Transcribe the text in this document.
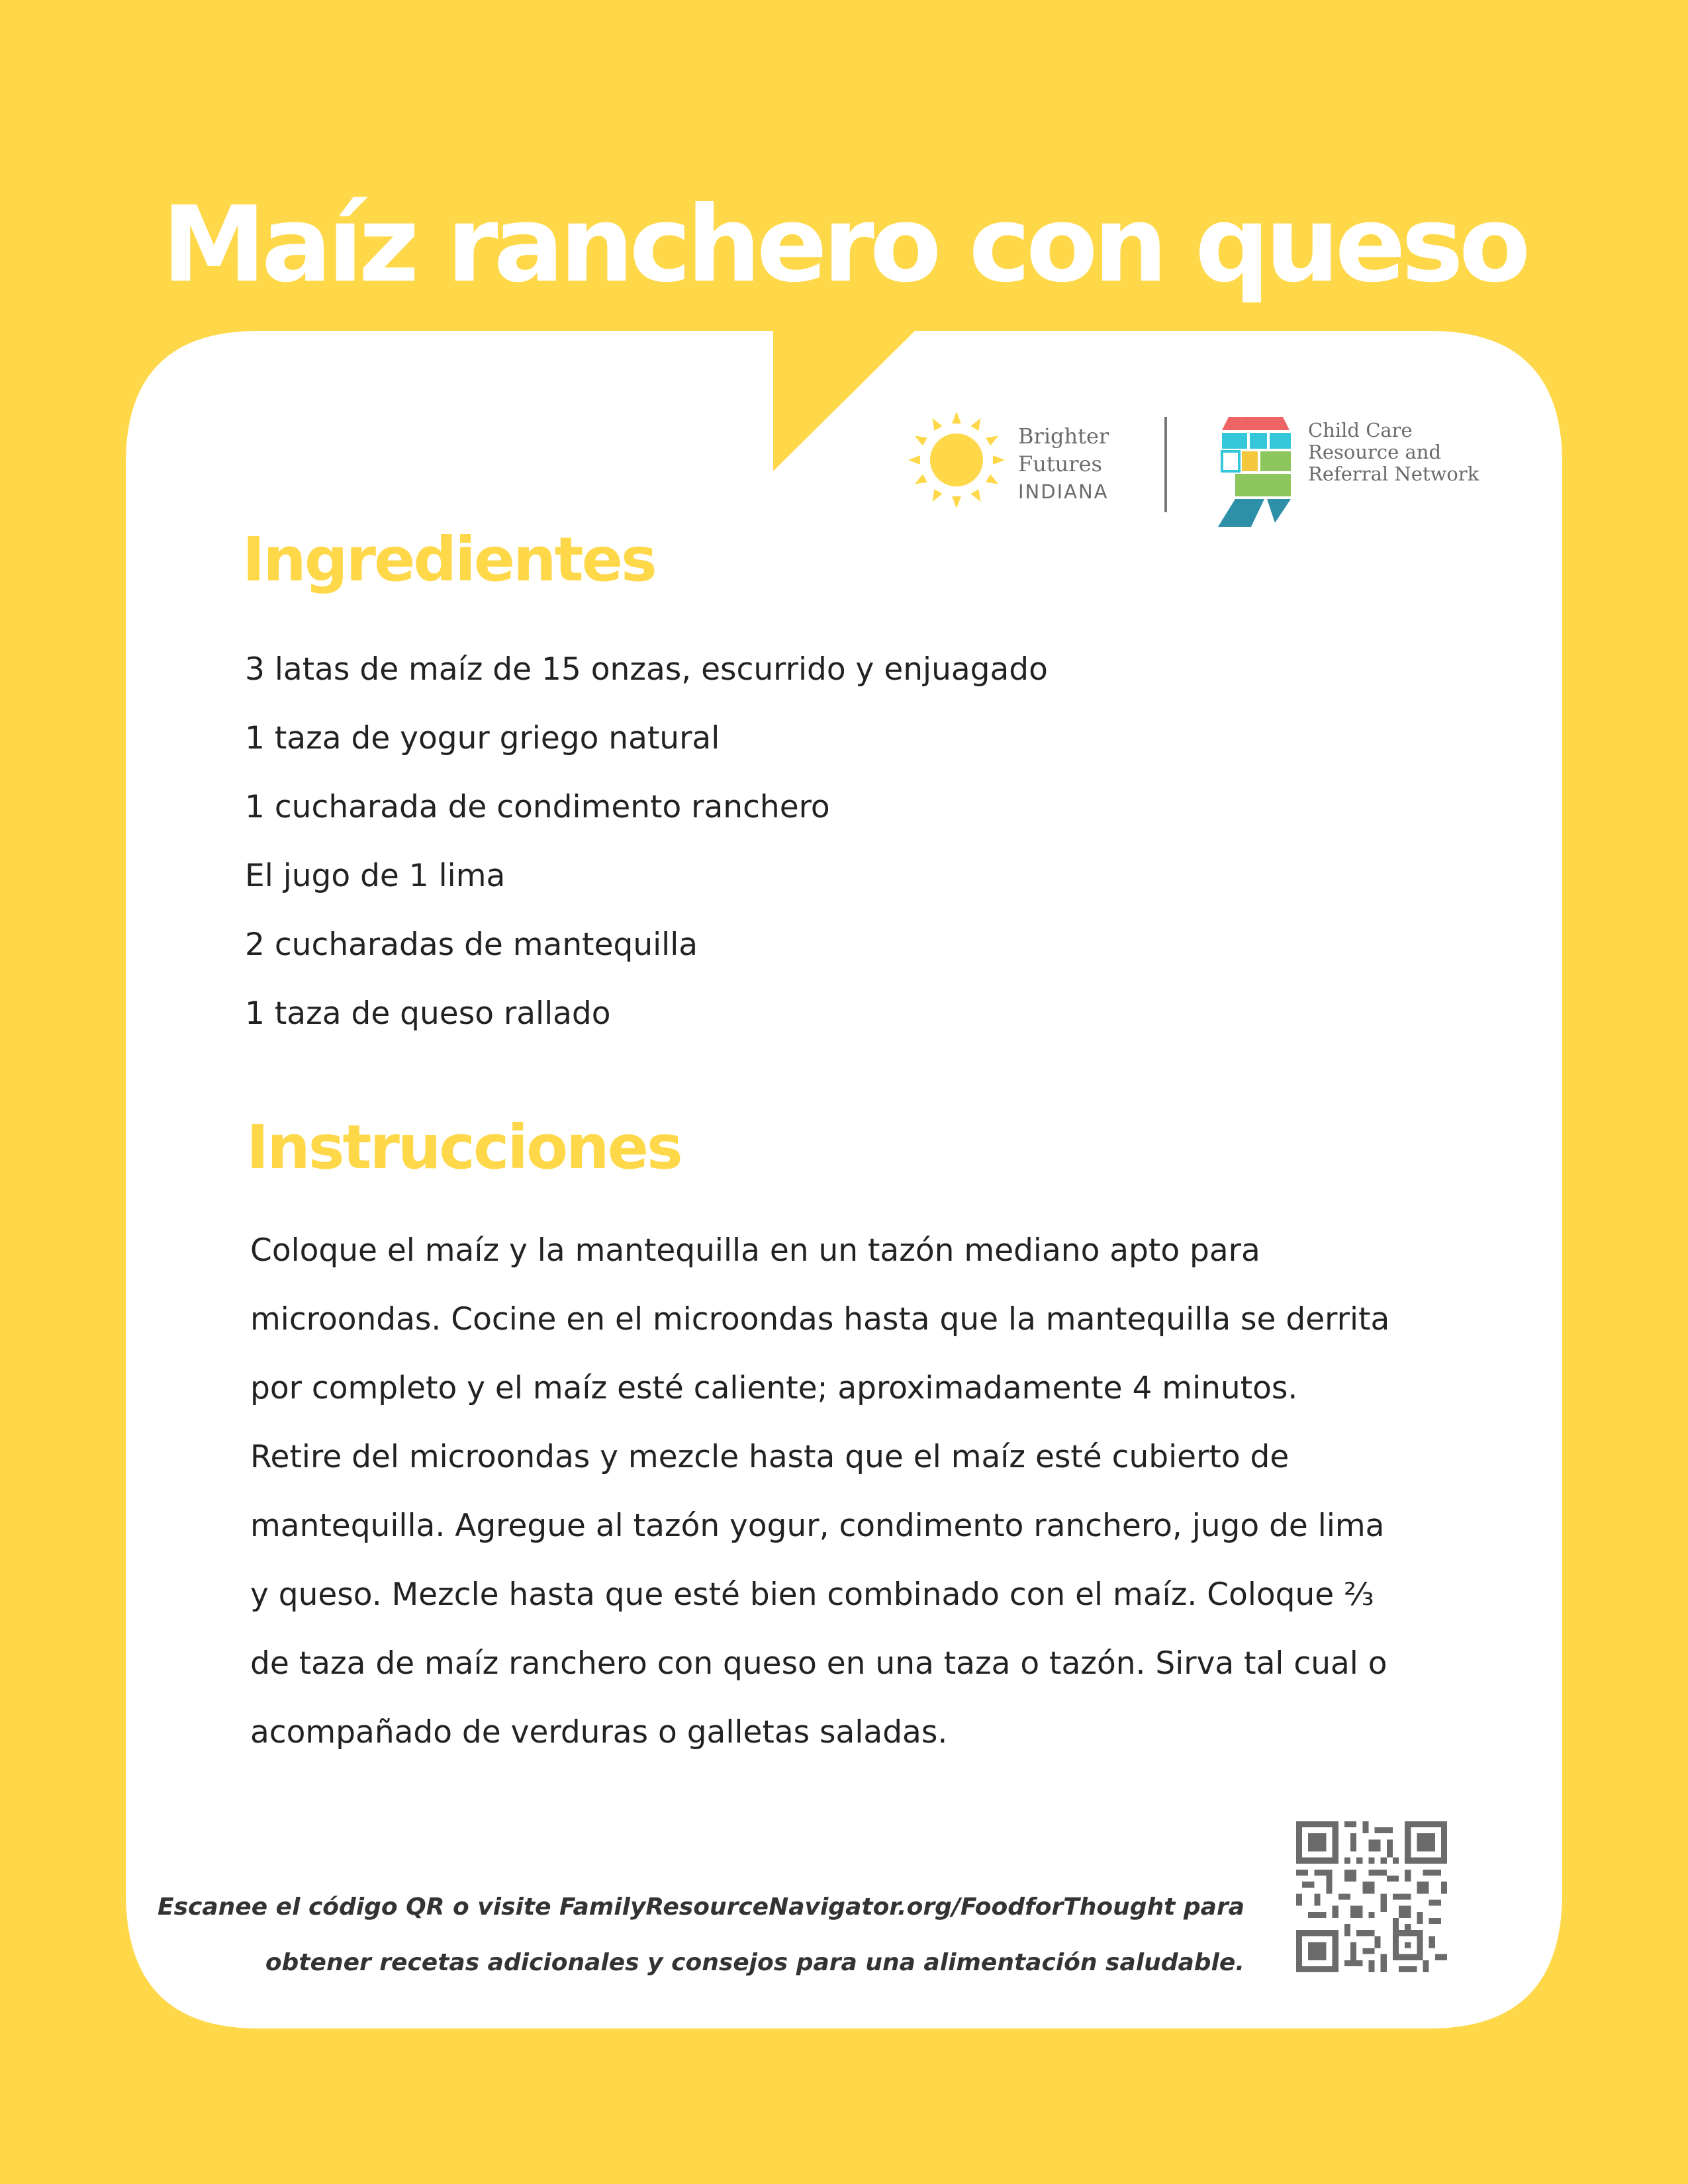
Maíz ranchero con queso
Brighter
Futures
INDIANA
Child Care
Resource and
Referral Network
Ingredientes
3 latas de maíz de 15 onzas, escurrido y enjuagado
1 taza de yogur griego natural
1 cucharada de condimento ranchero
El jugo de 1 lima
2 cucharadas de mantequilla
1 taza de queso rallado
Instrucciones
Coloque el maíz y la mantequilla en un tazón mediano apto para
microondas. Cocine en el microondas hasta que la mantequilla se derrita
por completo y el maíz esté caliente; aproximadamente 4 minutos.
Retire del microondas y mezcle hasta que el maíz esté cubierto de
mantequilla. Agregue al tazón yogur, condimento ranchero, jugo de lima
y queso. Mezcle hasta que esté bien combinado con el maíz. Coloque ⅔
de taza de maíz ranchero con queso en una taza o tazón. Sirva tal cual o
acompañado de verduras o galletas saladas.
Escanee el código QR o visite FamilyResourceNavigator.org/FoodforThought para
obtener recetas adicionales y consejos para una alimentación saludable.
